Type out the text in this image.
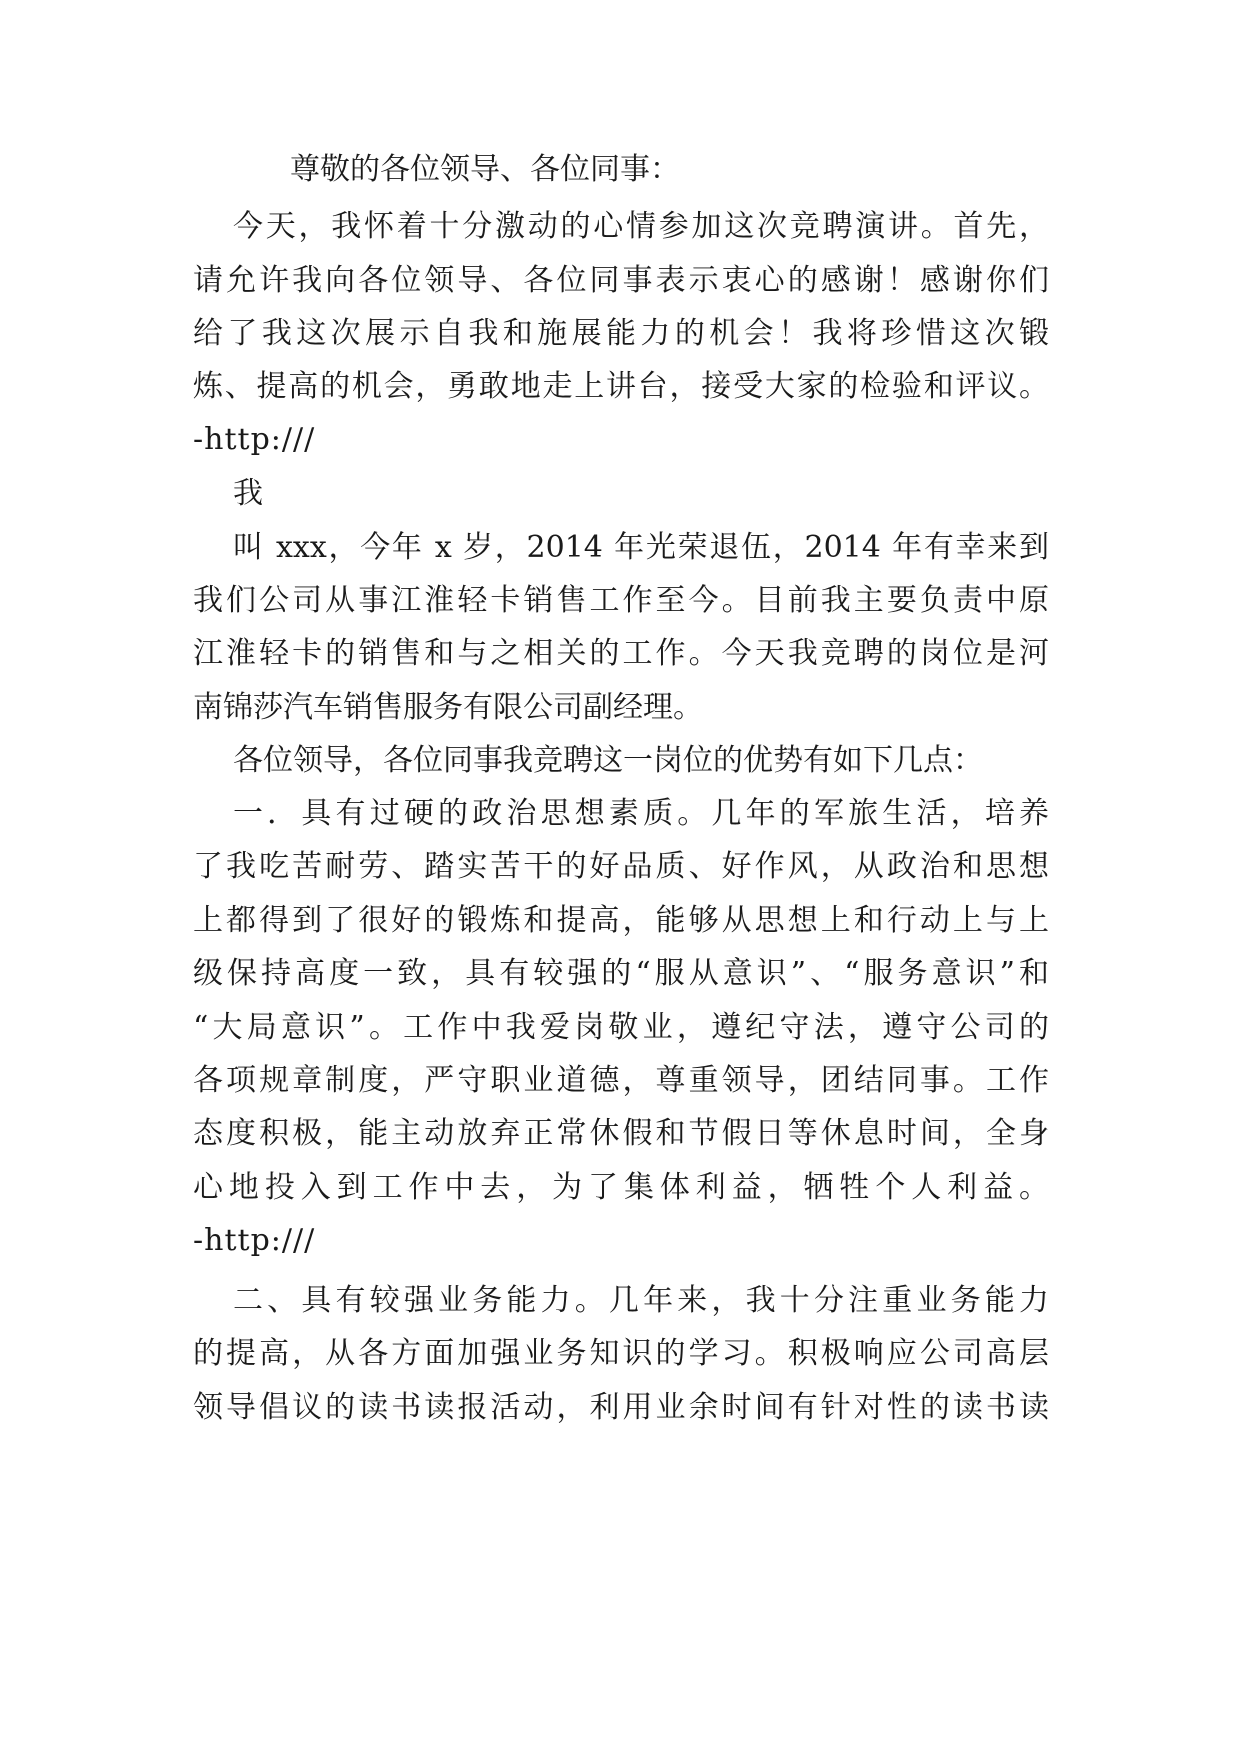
尊敬的各位领导、各位同事：
今天，我怀着十分激动的心情参加这次竞聘演讲。首先，
请允许我向各位领导、各位同事表示衷心的感谢！感谢你们
给了我这次展示自我和施展能力的机会！我将珍惜这次锻
炼、提高的机会，勇敢地走上讲台，接受大家的检验和评议。
-http:///
我
叫 xxx，今年 x 岁，2014 年光荣退伍，2014 年有幸来到
我们公司从事江淮轻卡销售工作至今。目前我主要负责中原
江淮轻卡的销售和与之相关的工作。今天我竞聘的岗位是河
南锦莎汽车销售服务有限公司副经理。
各位领导，各位同事我竞聘这一岗位的优势有如下几点：
一．具有过硬的政治思想素质。几年的军旅生活，培养
了我吃苦耐劳、踏实苦干的好品质、好作风，从政治和思想
上都得到了很好的锻炼和提高，能够从思想上和行动上与上
级保持高度一致，具有较强的“服从意识”、“服务意识”和
“大局意识”。工作中我爱岗敬业，遵纪守法，遵守公司的
各项规章制度，严守职业道德，尊重领导，团结同事。工作
态度积极，能主动放弃正常休假和节假日等休息时间，全身
心地投入到工作中去，为了集体利益，牺牲个人利益。
-http:///
二、具有较强业务能力。几年来，我十分注重业务能力
的提高，从各方面加强业务知识的学习。积极响应公司高层
领导倡议的读书读报活动，利用业余时间有针对性的读书读
